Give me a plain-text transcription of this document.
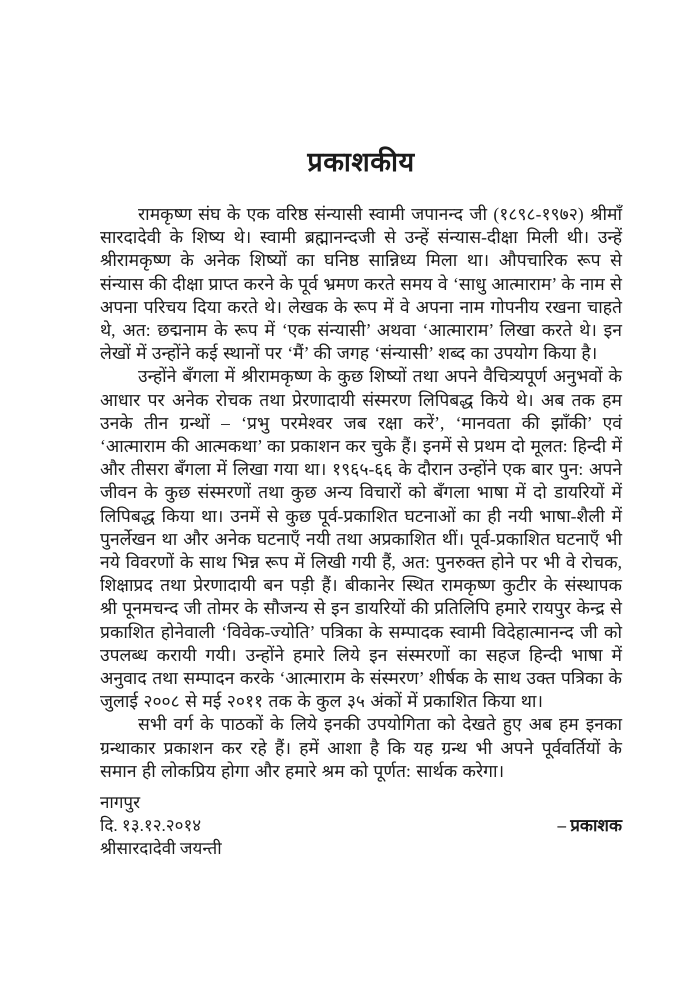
प्रकाशकीय

रामकृष्ण संघ के एक वरिष्ठ संन्यासी स्वामी जपानन्द जी (१८९८-१९७२) श्रीमाँ सारदादेवी के शिष्य थे। स्वामी ब्रह्मानन्दजी से उन्हें संन्यास-दीक्षा मिली थी। उन्हें श्रीरामकृष्ण के अनेक शिष्यों का घनिष्ठ सान्निध्य मिला था। औपचारिक रूप से संन्यास की दीक्षा प्राप्त करने के पूर्व भ्रमण करते समय वे ‘साधु आत्माराम’ के नाम से अपना परिचय दिया करते थे। लेखक के रूप में वे अपना नाम गोपनीय रखना चाहते थे, अत: छद्मनाम के रूप में ‘एक संन्यासी’ अथवा ‘आत्माराम’ लिखा करते थे। इन लेखों में उन्होंने कई स्थानों पर ‘मैं’ की जगह ‘संन्यासी’ शब्द का उपयोग किया है।

उन्होंने बँगला में श्रीरामकृष्ण के कुछ शिष्यों तथा अपने वैचित्र्यपूर्ण अनुभवों के आधार पर अनेक रोचक तथा प्रेरणादायी संस्मरण लिपिबद्ध किये थे। अब तक हम उनके तीन ग्रन्थों – ‘प्रभु परमेश्वर जब रक्षा करें’, ‘मानवता की झाँकी’ एवं ‘आत्माराम की आत्मकथा’ का प्रकाशन कर चुके हैं। इनमें से प्रथम दो मूलत: हिन्दी में और तीसरा बँगला में लिखा गया था। १९६५-६६ के दौरान उन्होंने एक बार पुन: अपने जीवन के कुछ संस्मरणों तथा कुछ अन्य विचारों को बँगला भाषा में दो डायरियों में लिपिबद्ध किया था। उनमें से कुछ पूर्व-प्रकाशित घटनाओं का ही नयी भाषा-शैली में पुनर्लेखन था और अनेक घटनाएँ नयी तथा अप्रकाशित थीं। पूर्व-प्रकाशित घटनाएँ भी नये विवरणों के साथ भिन्न रूप में लिखी गयी हैं, अत: पुनरुक्त होने पर भी वे रोचक, शिक्षाप्रद तथा प्रेरणादायी बन पड़ी हैं। बीकानेर स्थित रामकृष्ण कुटीर के संस्थापक श्री पूनमचन्द जी तोमर के सौजन्य से इन डायरियों की प्रतिलिपि हमारे रायपुर केन्द्र से प्रकाशित होनेवाली ‘विवेक-ज्योति’ पत्रिका के सम्पादक स्वामी विदेहात्मानन्द जी को उपलब्ध करायी गयी। उन्होंने हमारे लिये इन संस्मरणों का सहज हिन्दी भाषा में अनुवाद तथा सम्पादन करके ‘आत्माराम के संस्मरण’ शीर्षक के साथ उक्त पत्रिका के जुलाई २००८ से मई २०११ तक के कुल ३५ अंकों में प्रकाशित किया था।

सभी वर्ग के पाठकों के लिये इनकी उपयोगिता को देखते हुए अब हम इनका ग्रन्थाकार प्रकाशन कर रहे हैं। हमें आशा है कि यह ग्रन्थ भी अपने पूर्ववर्तियों के समान ही लोकप्रिय होगा और हमारे श्रम को पूर्णत: सार्थक करेगा।

नागपुर
दि. १३.१२.२०१४
श्रीसारदादेवी जयन्ती
– प्रकाशक
